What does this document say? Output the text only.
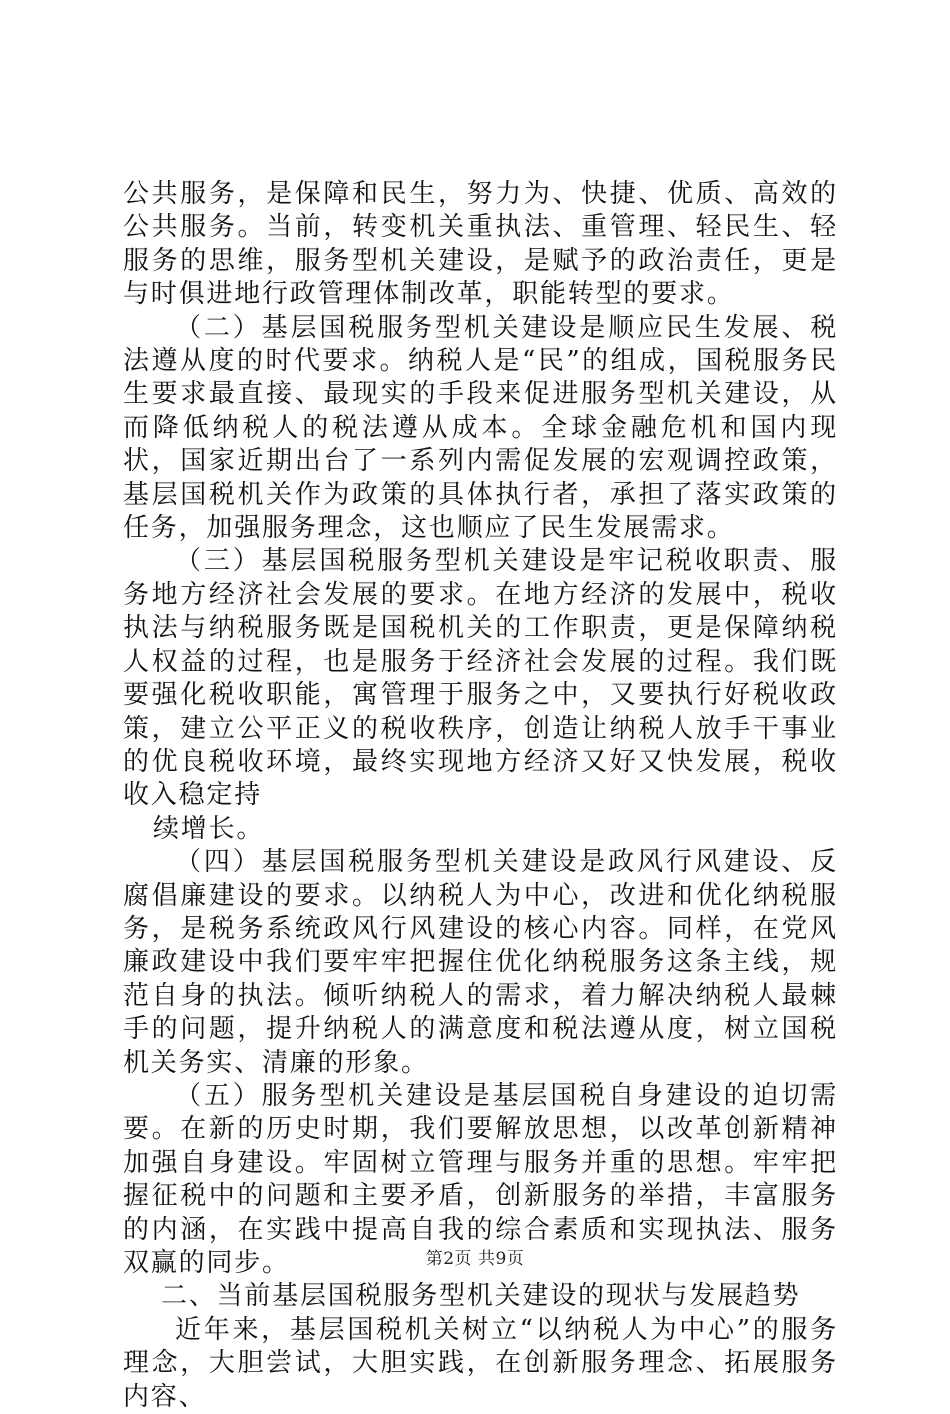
公共服务，是保障和民生，努力为、快捷、优质、高效的公共服务。当前，转变机关重执法、重管理、轻民生、轻服务的思维，服务型机关建设，是赋予的政治责任，更是与时俱进地行政管理体制改革，职能转型的要求。

（二）基层国税服务型机关建设是顺应民生发展、税法遵从度的时代要求。纳税人是“民”的组成，国税服务民生要求最直接、最现实的手段来促进服务型机关建设，从而降低纳税人的税法遵从成本。全球金融危机和国内现状，国家近期出台了一系列内需促发展的宏观调控政策，基层国税机关作为政策的具体执行者，承担了落实政策的任务，加强服务理念，这也顺应了民生发展需求。

（三）基层国税服务型机关建设是牢记税收职责、服务地方经济社会发展的要求。在地方经济的发展中，税收执法与纳税服务既是国税机关的工作职责，更是保障纳税人权益的过程，也是服务于经济社会发展的过程。我们既要强化税收职能，寓管理于服务之中，又要执行好税收政策，建立公平正义的税收秩序，创造让纳税人放手干事业的优良税收环境，最终实现地方经济又好又快发展，税收收入稳定持

续增长。

（四）基层国税服务型机关建设是政风行风建设、反腐倡廉建设的要求。以纳税人为中心，改进和优化纳税服务，是税务系统政风行风建设的核心内容。同样，在党风廉政建设中我们要牢牢把握住优化纳税服务这条主线，规范自身的执法。倾听纳税人的需求，着力解决纳税人最棘手的问题，提升纳税人的满意度和税法遵从度，树立国税机关务实、清廉的形象。

（五）服务型机关建设是基层国税自身建设的迫切需要。在新的历史时期，我们要解放思想，以改革创新精神加强自身建设。牢固树立管理与服务并重的思想。牢牢把握征税中的问题和主要矛盾，创新服务的举措，丰富服务的内涵，在实践中提高自我的综合素质和实现执法、服务双赢的同步。

二、当前基层国税服务型机关建设的现状与发展趋势

近年来，基层国税机关树立“以纳税人为中心”的服务理念，大胆尝试，大胆实践，在创新服务理念、拓展服务内容、

第2页 共9页
